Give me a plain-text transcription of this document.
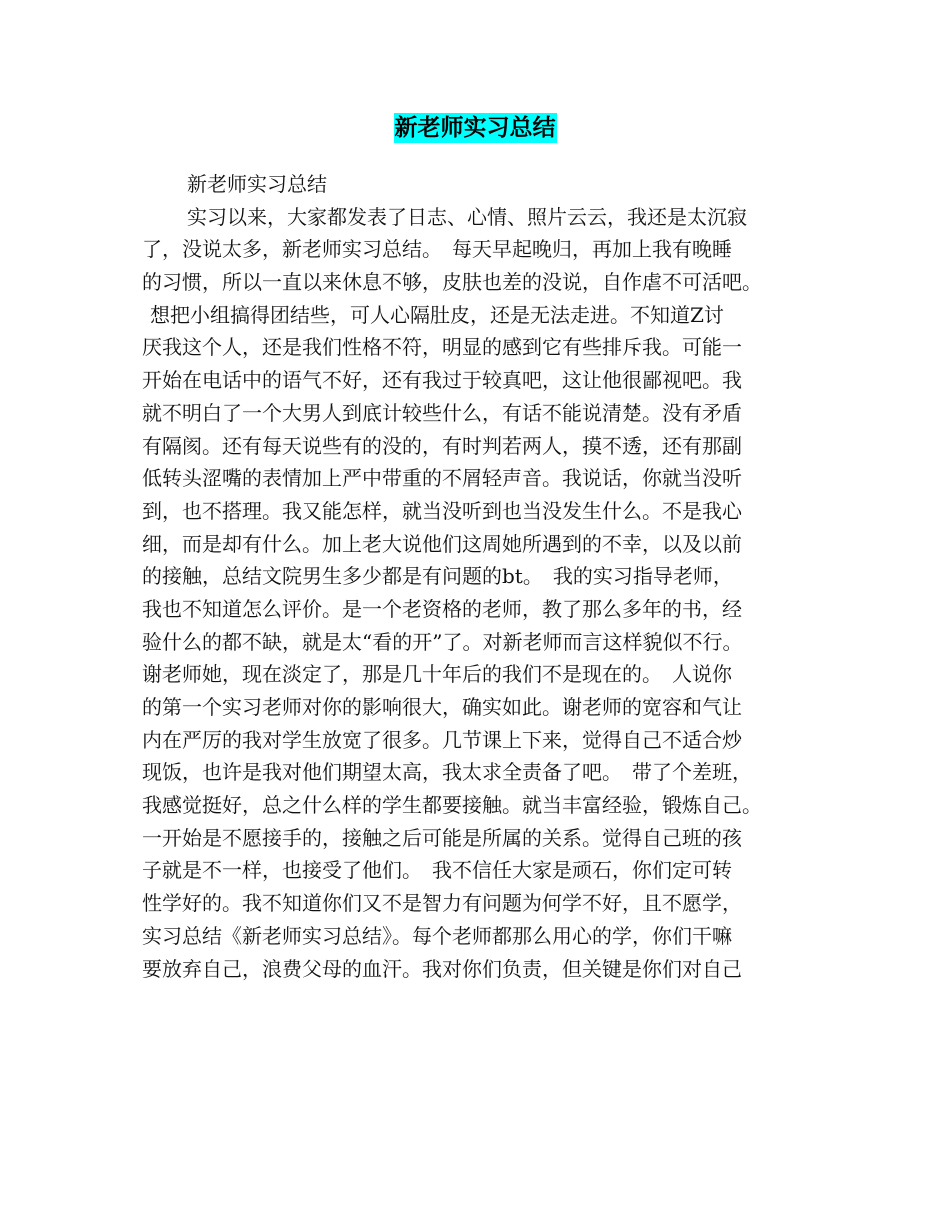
新老师实习总结
新老师实习总结
实习以来，大家都发表了日志、心情、照片云云，我还是太沉寂
了，没说太多，新老师实习总结。　每天早起晚归，再加上我有晚睡
的习惯，所以一直以来休息不够，皮肤也差的没说，自作虐不可活吧。
想把小组搞得团结些，可人心隔肚皮，还是无法走进。不知道Z讨
厌我这个人，还是我们性格不符，明显的感到它有些排斥我。可能一
开始在电话中的语气不好，还有我过于较真吧，这让他很鄙视吧。我
就不明白了一个大男人到底计较些什么，有话不能说清楚。没有矛盾
有隔阂。还有每天说些有的没的，有时判若两人，摸不透，还有那副
低转头涩嘴的表情加上严中带重的不屑轻声音。我说话，你就当没听
到，也不搭理。我又能怎样，就当没听到也当没发生什么。不是我心
细，而是却有什么。加上老大说他们这周她所遇到的不幸，以及以前
的接触，总结文院男生多少都是有问题的bt。　我的实习指导老师，
我也不知道怎么评价。是一个老资格的老师，教了那么多年的书，经
验什么的都不缺，就是太“看的开”了。对新老师而言这样貌似不行。
谢老师她，现在淡定了，那是几十年后的我们不是现在的。　人说你
的第一个实习老师对你的影响很大，确实如此。谢老师的宽容和气让
内在严厉的我对学生放宽了很多。几节课上下来，觉得自己不适合炒
现饭，也许是我对他们期望太高，我太求全责备了吧。　带了个差班，
我感觉挺好，总之什么样的学生都要接触。就当丰富经验，锻炼自己。
一开始是不愿接手的，接触之后可能是所属的关系。觉得自己班的孩
子就是不一样，也接受了他们。　我不信任大家是顽石，你们定可转
性学好的。我不知道你们又不是智力有问题为何学不好，且不愿学，
实习总结《新老师实习总结》。每个老师都那么用心的学，你们干嘛
要放弃自己，浪费父母的血汗。我对你们负责，但关键是你们对自己
